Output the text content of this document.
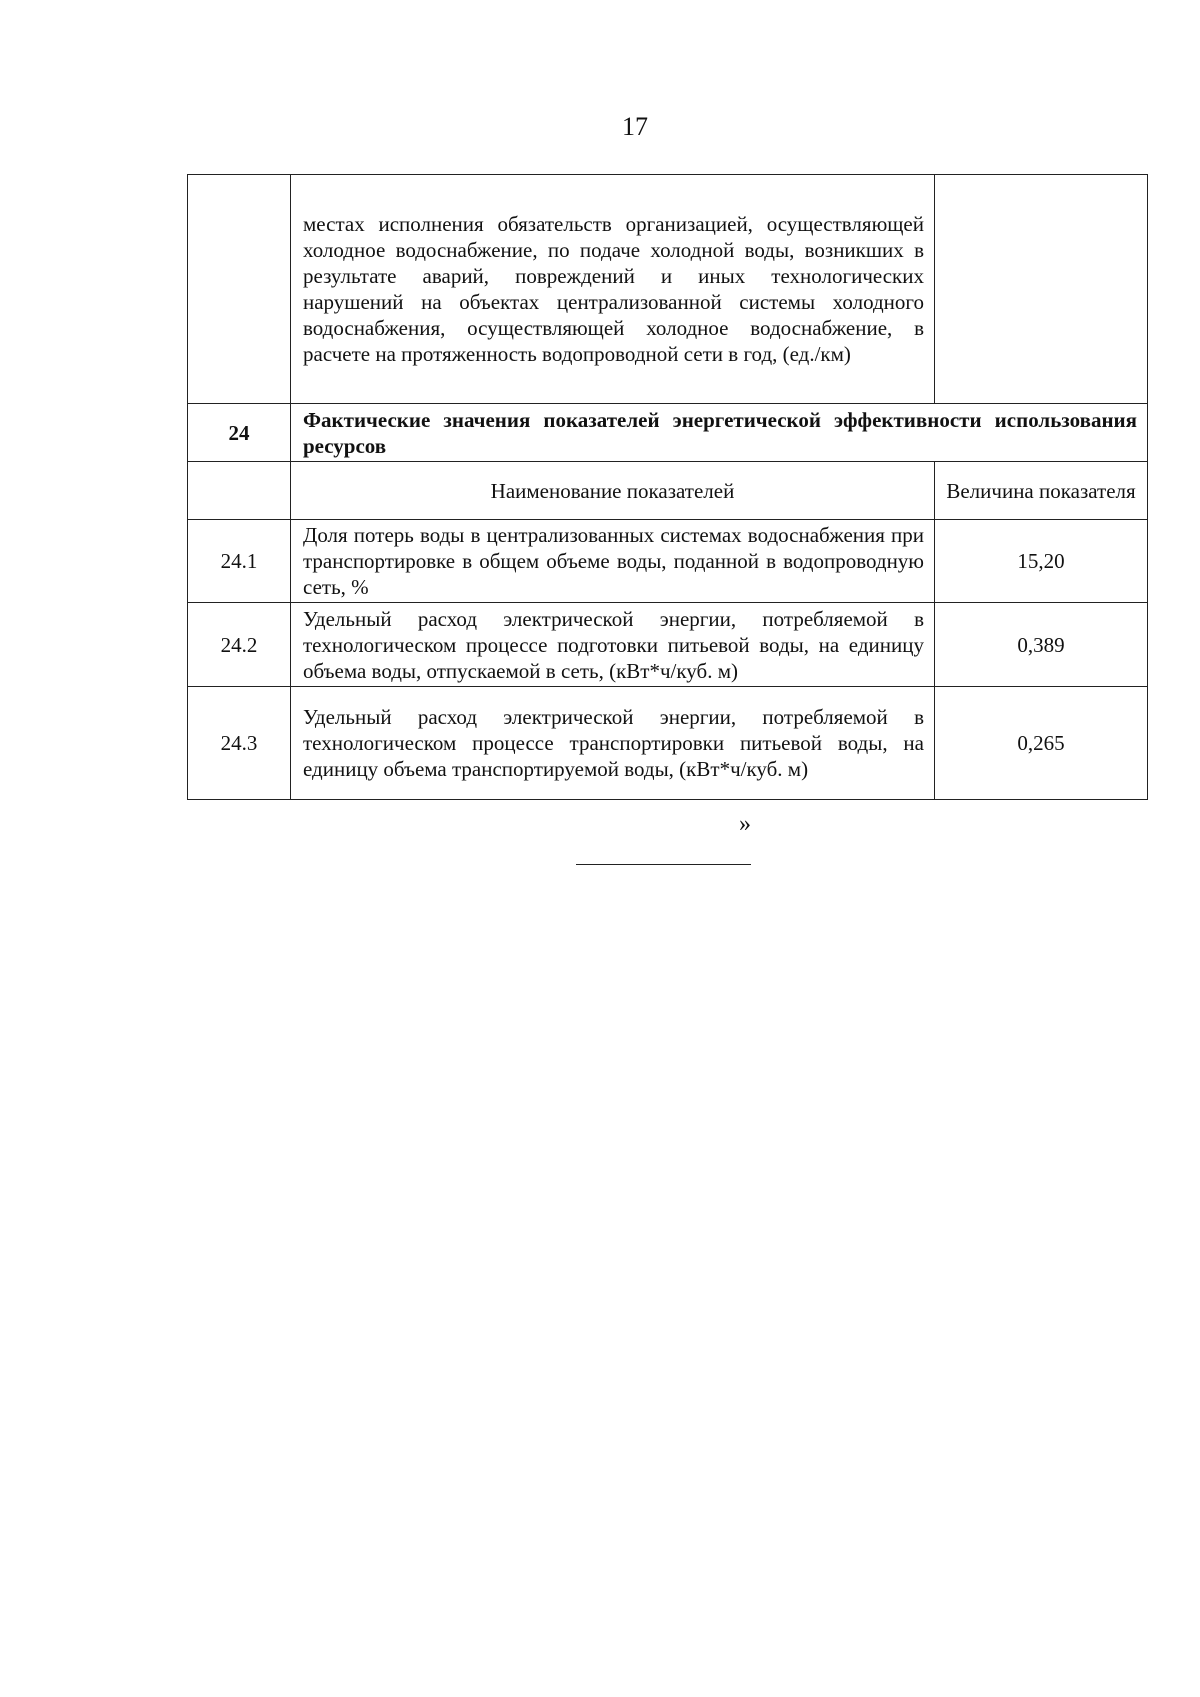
17
	местах исполнения обязательств организацией, осуществляющей холодное водоснабжение, по подаче холодной воды, возникших в результате аварий, повреждений и иных технологических нарушений на объектах централизованной системы холодного водоснабжения, осуществляющей холодное водоснабжение, в расчете на протяженность водопроводной сети в год, (ед./км)	
24	Фактические значения показателей энергетической эффективности использования ресурсов	
	Наименование показателей	Величина показателя
24.1	Доля потерь воды в централизованных системах водоснабжения при транспортировке в общем объеме воды, поданной в водопроводную сеть, %	15,20
24.2	Удельный расход электрической энергии, потребляемой в технологическом процессе подготовки питьевой воды, на единицу объема воды, отпускаемой в сеть, (кВт*ч/куб. м)	0,389
24.3	Удельный расход электрической энергии, потребляемой в технологическом процессе транспортировки питьевой воды, на единицу объема транспортируемой воды, (кВт*ч/куб. м)	0,265
»
